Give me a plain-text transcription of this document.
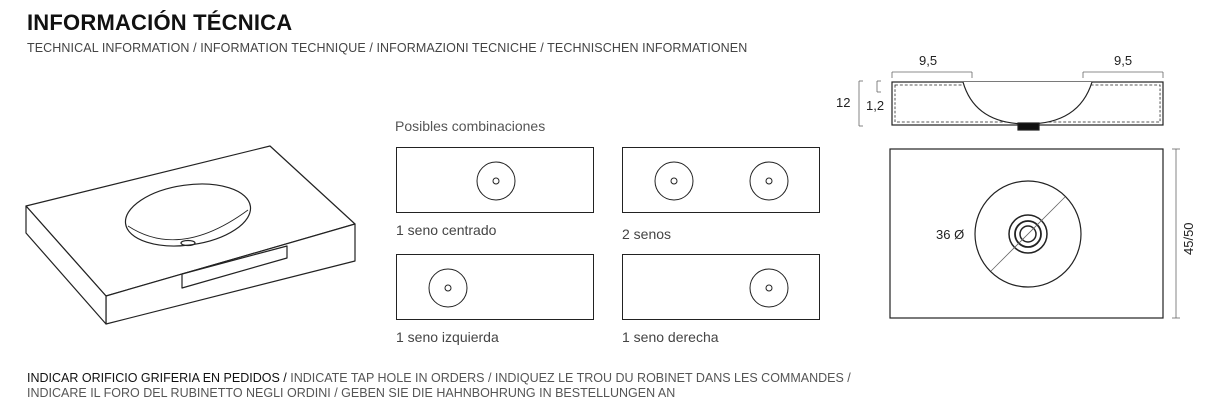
INFORMACIÓN TÉCNICA
TECHNICAL INFORMATION / INFORMATION TECHNIQUE / INFORMAZIONI TECNICHE / TECHNISCHEN INFORMATIONEN
Posibles combinaciones
1 seno centrado	2 senos
1 seno izquierda	1 seno derecha
9,5	9,5
12 1,2
36 Ø	45/50
INDICAR ORIFICIO GRIFERIA EN PEDIDOS / INDICATE TAP HOLE IN ORDERS / INDIQUEZ LE TROU DU ROBINET DANS LES COMMANDES /
INDICARE IL FORO DEL RUBINETTO NEGLI ORDINI / GEBEN SIE DIE HAHNBOHRUNG IN BESTELLUNGEN AN
